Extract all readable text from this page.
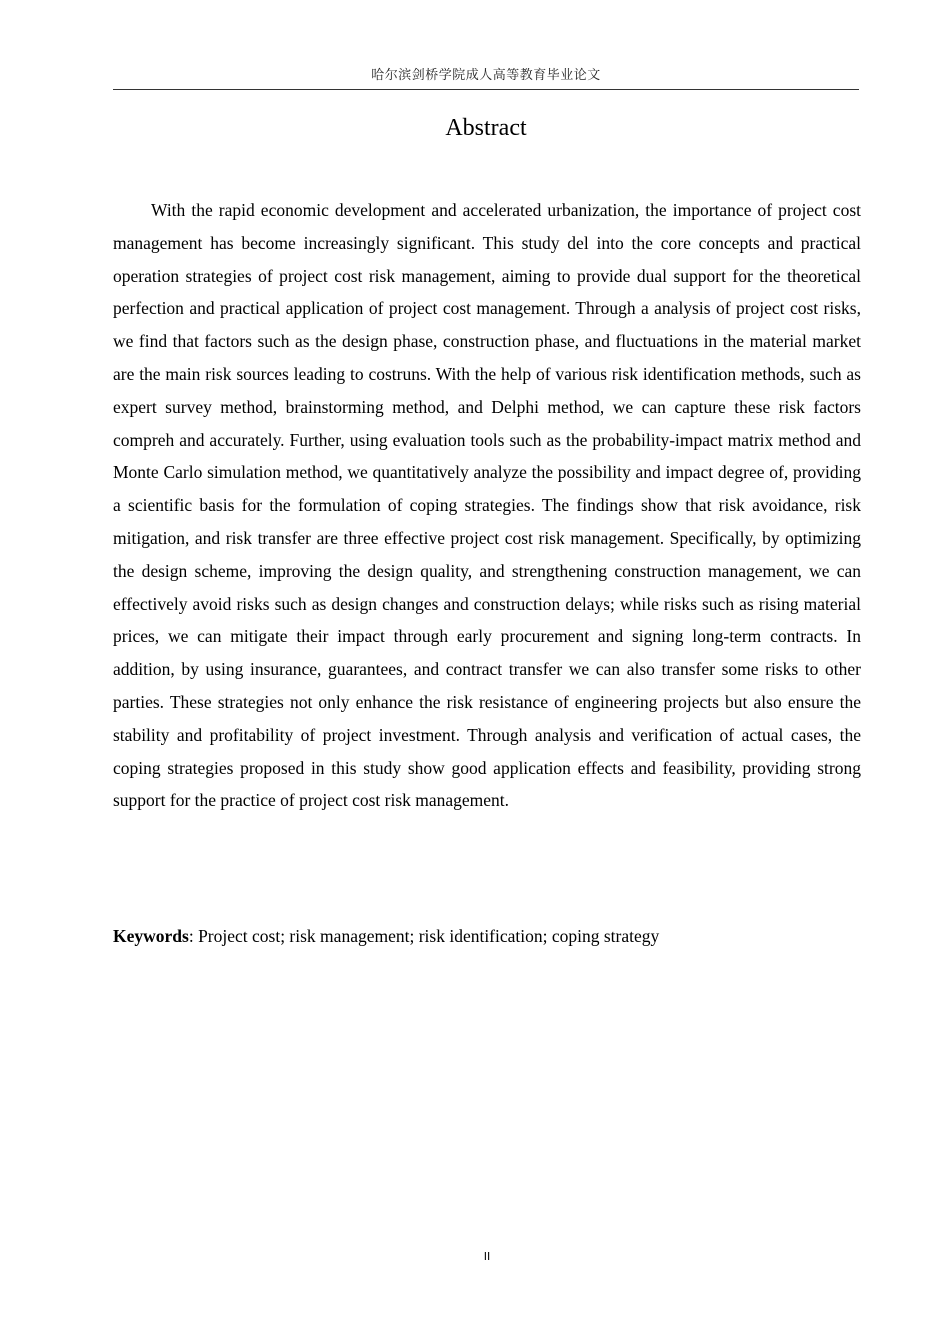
哈尔滨剑桥学院成人高等教育毕业论文
Abstract

With the rapid economic development and accelerated urbanization, the importance of project cost management has become increasingly significant. This study del into the core concepts and practical operation strategies of project cost risk management, aiming to provide dual support for the theoretical perfection and practical application of project cost management. Through a analysis of project cost risks, we find that factors such as the design phase, construction phase, and fluctuations in the material market are the main risk sources leading to costruns. With the help of various risk identification methods, such as expert survey method, brainstorming method, and Delphi method, we can capture these risk factors compreh and accurately. Further, using evaluation tools such as the probability-impact matrix method and Monte Carlo simulation method, we quantitatively analyze the possibility and impact degree of, providing a scientific basis for the formulation of coping strategies. The findings show that risk avoidance, risk mitigation, and risk transfer are three effective project cost risk management. Specifically, by optimizing the design scheme, improving the design quality, and strengthening construction management, we can effectively avoid risks such as design changes and construction delays; while risks such as rising material prices, we can mitigate their impact through early procurement and signing long-term contracts. In addition, by using insurance, guarantees, and contract transfer we can also transfer some risks to other parties. These strategies not only enhance the risk resistance of engineering projects but also ensure the stability and profitability of project investment. Through analysis and verification of actual cases, the coping strategies proposed in this study show good application effects and feasibility, providing strong support for the practice of project cost risk management.

Keywords: Project cost; risk management; risk identification; coping strategy

II
